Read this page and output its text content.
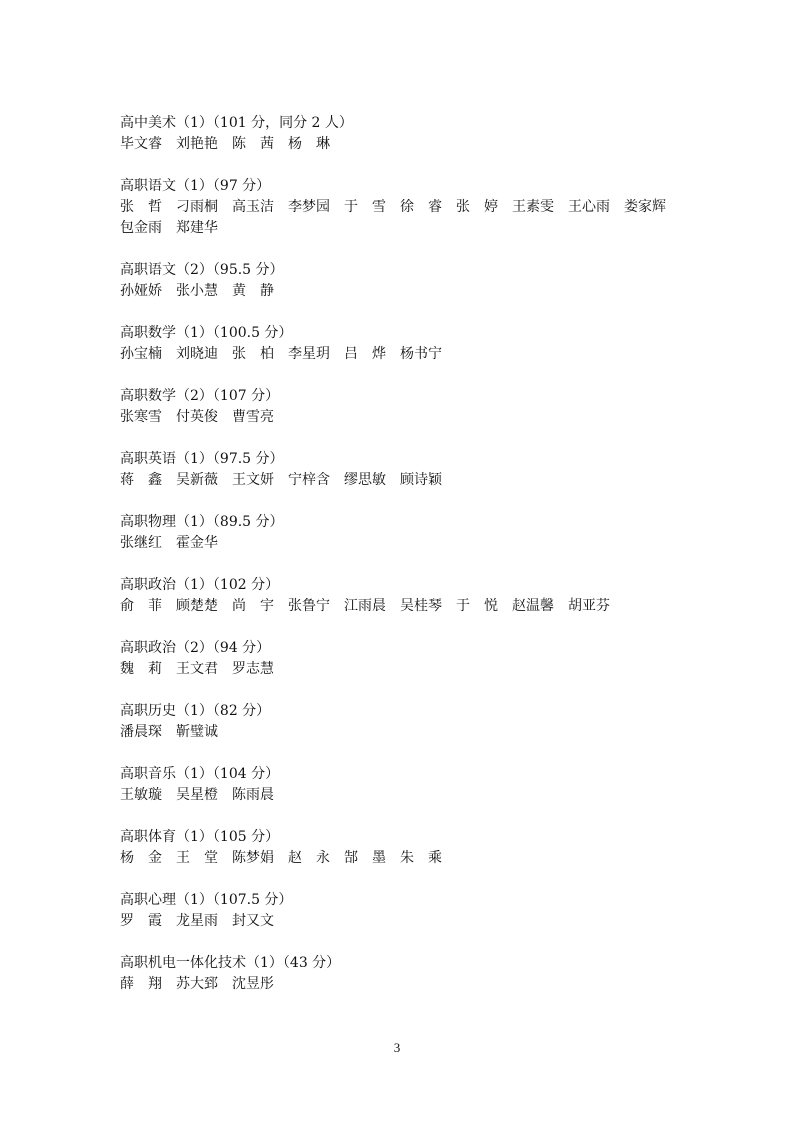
高中美术（1）（101 分，同分 2 人）
毕文睿 刘艳艳 陈　茜 杨　琳
高职语文（1）（97 分）
张　哲 刁雨桐 高玉洁 李梦园 于　雪 徐　睿 张　婷 王素雯 王心雨 娄家辉包金雨 郑建华
高职语文（2）（95.5 分）
孙娅娇 张小慧 黄　静
高职数学（1）（100.5 分）
孙宝楠 刘晓迪 张　柏 李星玥 吕　烨 杨书宁
高职数学（2）（107 分）
张寒雪 付英俊 曹雪亮
高职英语（1）（97.5 分）
蒋　鑫 吴新薇 王文妍 宁梓含 缪思敏 顾诗颖
高职物理（1）（89.5 分）
张继红 霍金华
高职政治（1）（102 分）
俞　菲 顾楚楚 尚　宇 张鲁宁 江雨晨 吴桂琴 于　悦 赵温馨 胡亚芬
高职政治（2）（94 分）
魏　莉 王文君 罗志慧
高职历史（1）（82 分）
潘晨琛 靳璧诚
高职音乐（1）（104 分）
王敏璇 吴星橙 陈雨晨
高职体育（1）（105 分）
杨　金 王　堂 陈梦娟 赵　永 郜　墨 朱　乘
高职心理（1）（107.5 分）
罗　霞 龙星雨 封又文
高职机电一体化技术（1）（43 分）
薛　翔 苏大郅 沈昱彤
3
